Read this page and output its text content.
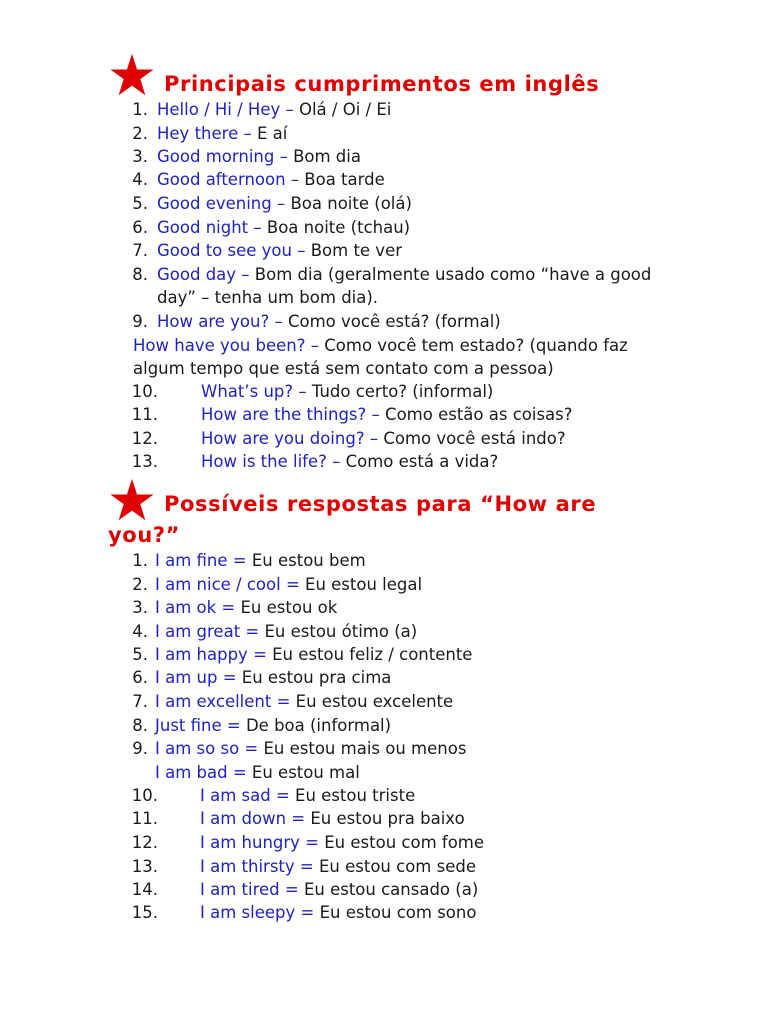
Principais cumprimentos em inglês
1. Hello / Hi / Hey – Olá / Oi / Ei
2. Hey there – E aí
3. Good morning – Bom dia
4. Good afternoon – Boa tarde
5. Good evening – Boa noite (olá)
6. Good night – Boa noite (tchau)
7. Good to see you – Bom te ver
8. Good day – Bom dia (geralmente usado como “have a good
day” – tenha um bom dia).
9. How are you? – Como você está? (formal)
How have you been? – Como você tem estado? (quando faz
algum tempo que está sem contato com a pessoa)
10.	What’s up? – Tudo certo? (informal)
11.	How are the things? – Como estão as coisas?
12.	How are you doing? – Como você está indo?
13.	How is the life? – Como está a vida?
Possíveis respostas para “How are
you?”
1. I am fine = Eu estou bem
2. I am nice / cool = Eu estou legal
3. I am ok = Eu estou ok
4. I am great = Eu estou ótimo (a)
5. I am happy = Eu estou feliz / contente
6. I am up = Eu estou pra cima
7. I am excellent = Eu estou excelente
8. Just fine = De boa (informal)
9. I am so so = Eu estou mais ou menos
I am bad = Eu estou mal
10.	I am sad = Eu estou triste
11.	I am down = Eu estou pra baixo
12.	I am hungry = Eu estou com fome
13.	I am thirsty = Eu estou com sede
14.	I am tired = Eu estou cansado (a)
15.	I am sleepy = Eu estou com sono
